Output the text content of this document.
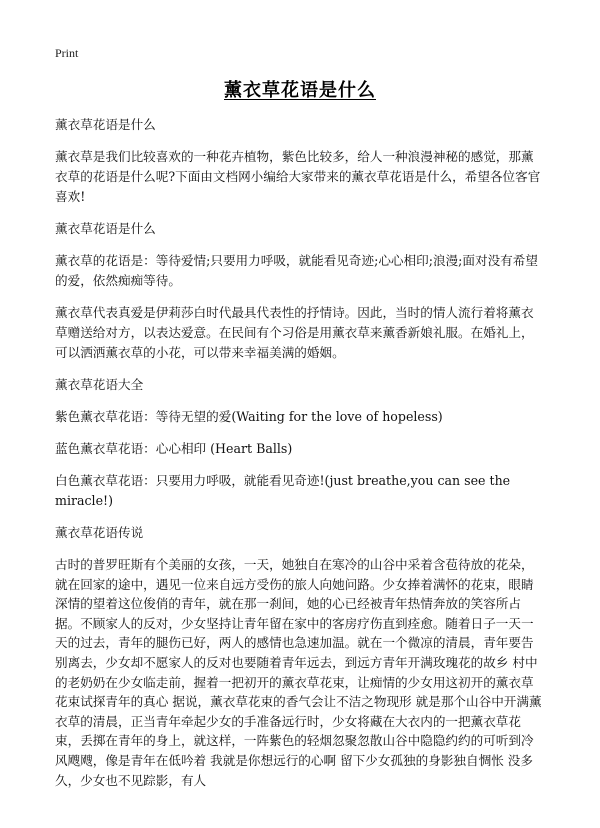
Print
薰衣草花语是什么

薰衣草花语是什么

薰衣草是我们比较喜欢的一种花卉植物，紫色比较多，给人一种浪漫神秘的感觉，那薰衣草的花语是什么呢?下面由文档网小编给大家带来的薰衣草花语是什么，希望各位客官喜欢!

薰衣草花语是什么

薰衣草的花语是：等待爱情;只要用力呼吸，就能看见奇迹;心心相印;浪漫;面对没有希望的爱，依然痴痴等待。

薰衣草代表真爱是伊莉莎白时代最具代表性的抒情诗。因此，当时的情人流行着将薰衣草赠送给对方，以表达爱意。在民间有个习俗是用薰衣草来薰香新娘礼服。在婚礼上，可以洒洒薰衣草的小花，可以带来幸福美满的婚姻。

薰衣草花语大全

紫色薰衣草花语：等待无望的爱(Waiting for the love of hopeless)

蓝色薰衣草花语：心心相印 (Heart Balls)

白色薰衣草花语：只要用力呼吸，就能看见奇迹!(just breathe,you can see the miracle!)

薰衣草花语传说

古时的普罗旺斯有个美丽的女孩，一天，她独自在寒冷的山谷中采着含苞待放的花朵，就在回家的途中，遇见一位来自远方受伤的旅人向她问路。少女捧着满怀的花束，眼睛深情的望着这位俊俏的青年，就在那一刹间，她的心已经被青年热情奔放的笑容所占据。不顾家人的反对，少女坚持让青年留在家中的客房疗伤直到痊愈。随着日子一天一天的过去，青年的腿伤已好，两人的感情也急速加温。就在一个微凉的清晨，青年要告别离去，少女却不愿家人的反对也要随着青年远去，到远方青年开满玫瑰花的故乡 村中的老奶奶在少女临走前，握着一把初开的薰衣草花束，让痴情的少女用这初开的薰衣草花束试探青年的真心 据说，薰衣草花束的香气会让不洁之物现形 就是那个山谷中开满薰衣草的清晨，正当青年牵起少女的手准备远行时，少女将藏在大衣内的一把薰衣草花束，丢掷在青年的身上，就这样，一阵紫色的轻烟忽聚忽散山谷中隐隐约约的可听到冷风飕飕，像是青年在低吟着 我就是你想远行的心啊 留下少女孤独的身影独自惆怅 没多久，少女也不见踪影，有人
